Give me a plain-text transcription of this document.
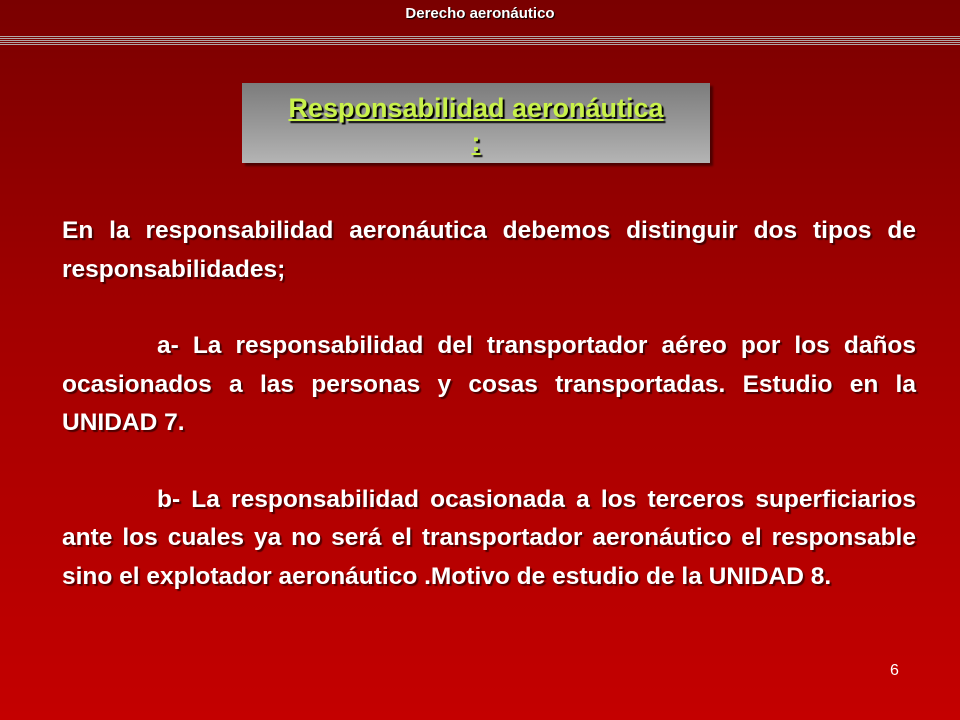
Derecho aeronáutico
Responsabilidad aeronáutica
:

En la responsabilidad aeronáutica debemos distinguir dos tipos de responsabilidades;

a- La responsabilidad del transportador aéreo por los daños ocasionados a las personas y cosas transportadas. Estudio en la UNIDAD 7.

b- La responsabilidad ocasionada a los terceros superficiarios ante los cuales ya no será el transportador aeronáutico el responsable sino el explotador aeronáutico .Motivo de estudio de la UNIDAD 8.

6
